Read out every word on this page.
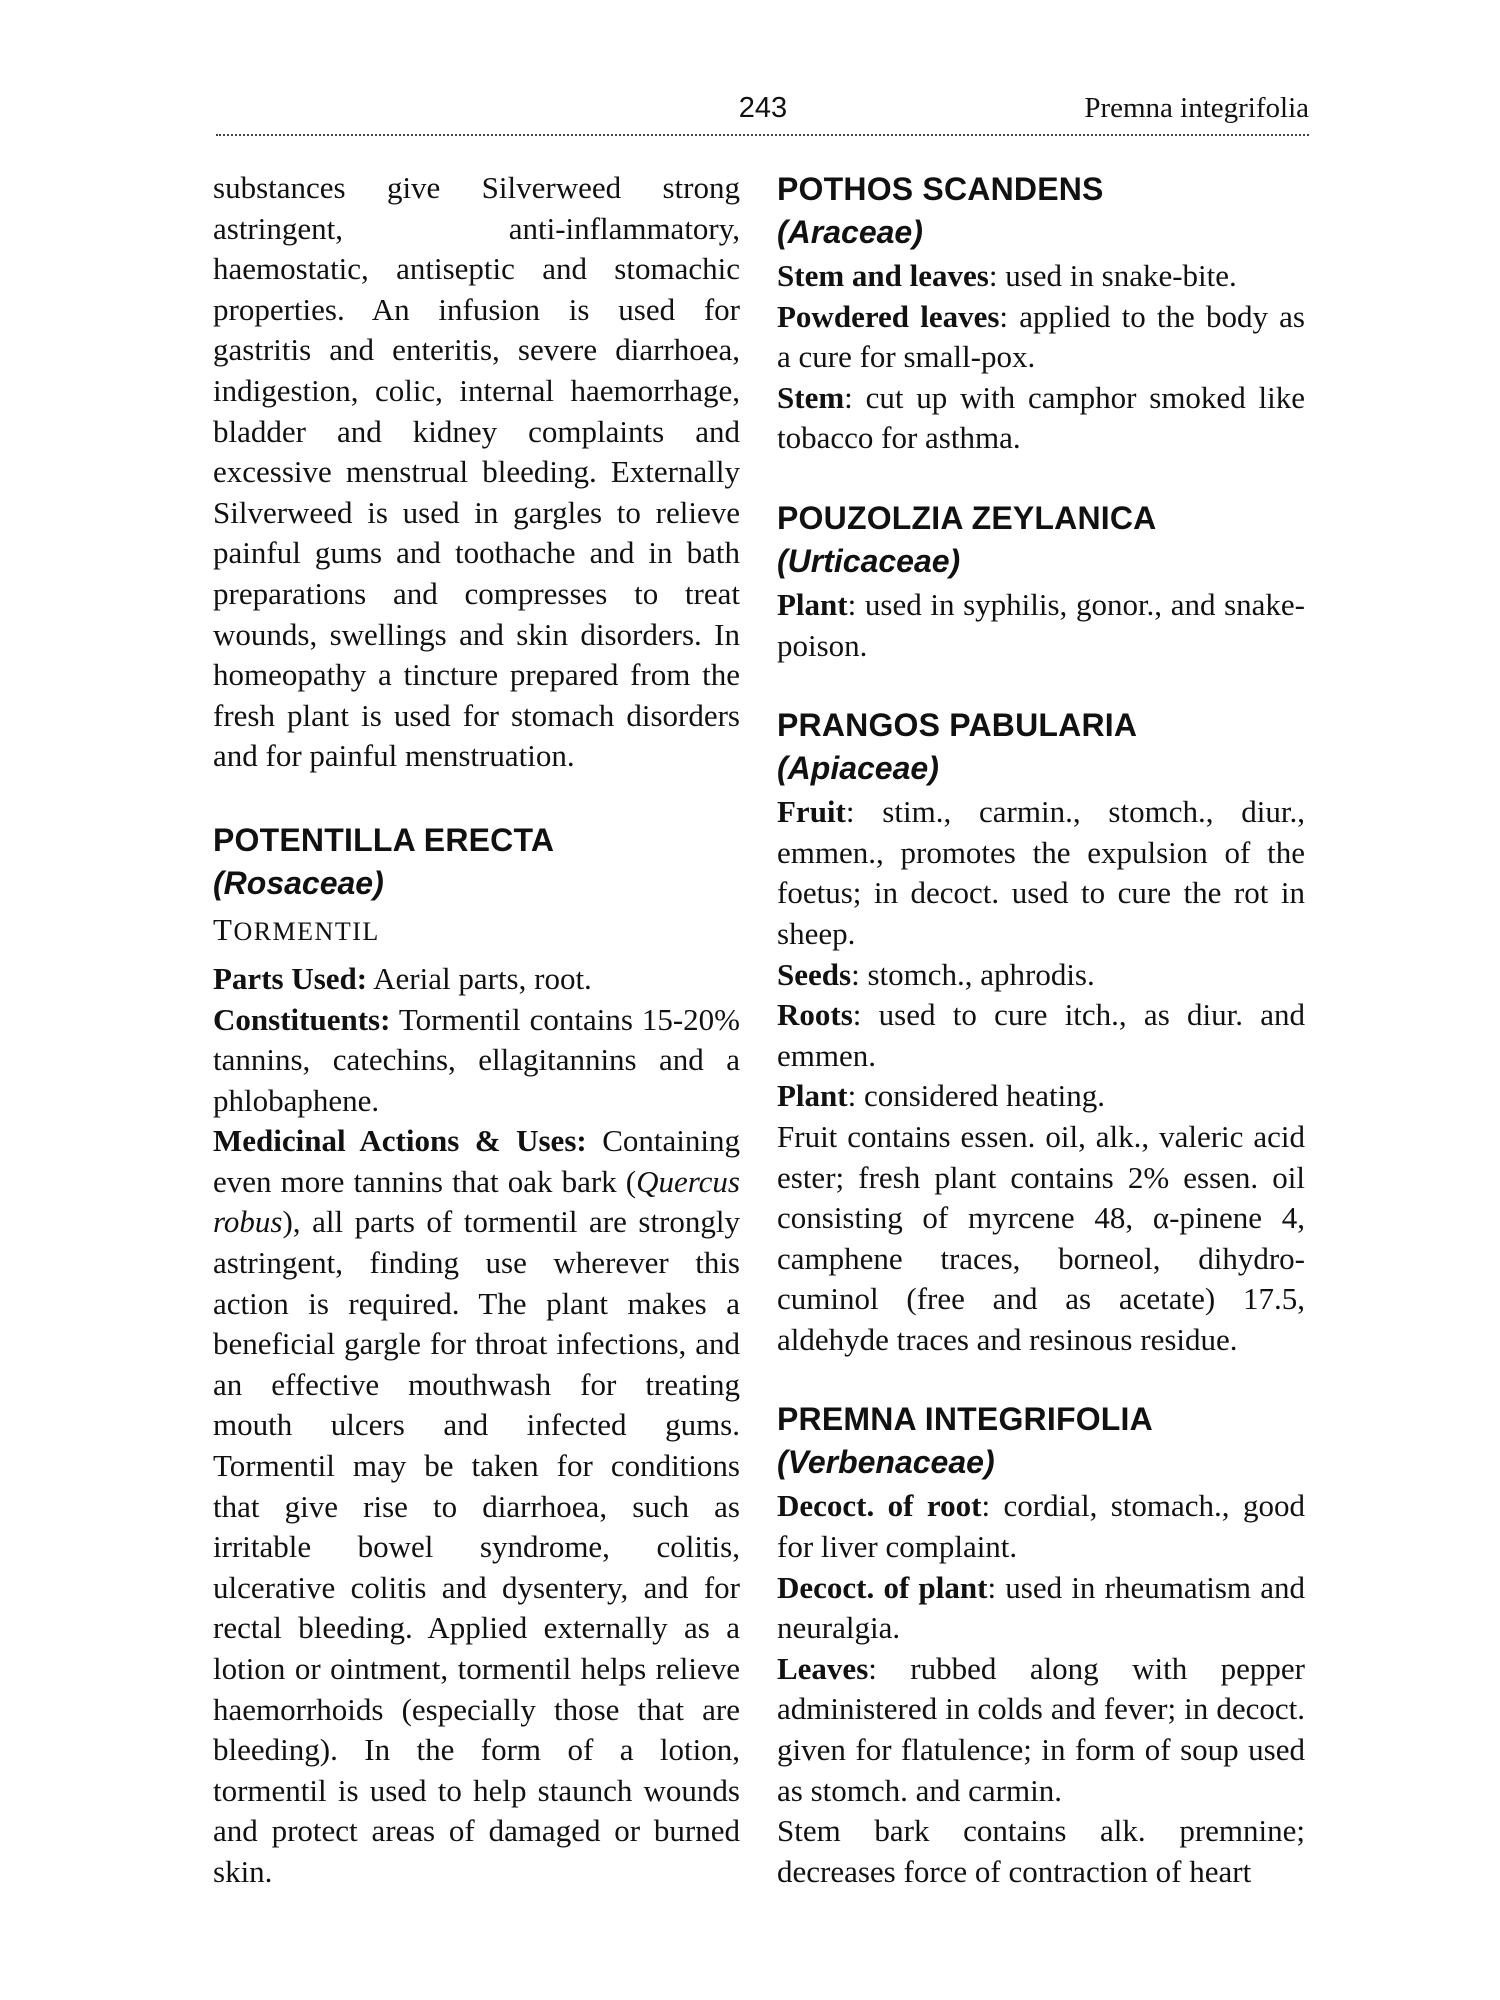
243	Premna integrifolia

substances give Silverweed strong astringent, anti-inflammatory, haemostatic, antiseptic and stomachic properties. An infusion is used for gastritis and enteritis, severe diarrhoea, indigestion, colic, internal haemorrhage, bladder and kidney complaints and excessive menstrual bleeding. Externally Silverweed is used in gargles to relieve painful gums and toothache and in bath preparations and compresses to treat wounds, swellings and skin disorders. In homeopathy a tincture prepared from the fresh plant is used for stomach disorders and for painful menstruation.

POTENTILLA ERECTA
(Rosaceae)
TORMENTIL

Parts Used: Aerial parts, root.

Constituents: Tormentil contains 15-20% tannins, catechins, ellagitannins and a phlobaphene.

Medicinal Actions & Uses: Containing even more tannins that oak bark (Quercus robus), all parts of tormentil are strongly astringent, finding use wherever this action is required. The plant makes a beneficial gargle for throat infections, and an effective mouthwash for treating mouth ulcers and infected gums. Tormentil may be taken for conditions that give rise to diarrhoea, such as irritable bowel syndrome, colitis, ulcerative colitis and dysentery, and for rectal bleeding. Applied externally as a lotion or ointment, tormentil helps relieve haemorrhoids (especially those that are bleeding). In the form of a lotion, tormentil is used to help staunch wounds and protect areas of damaged or burned skin.

POTHOS SCANDENS
(Araceae)

Stem and leaves: used in snake-bite.

Powdered leaves: applied to the body as a cure for small-pox.

Stem: cut up with camphor smoked like tobacco for asthma.

POUZOLZIA ZEYLANICA
(Urticaceae)

Plant: used in syphilis, gonor., and snake-poison.

PRANGOS PABULARIA
(Apiaceae)

Fruit: stim., carmin., stomch., diur., emmen., promotes the expulsion of the foetus; in decoct. used to cure the rot in sheep.

Seeds: stomch., aphrodis.

Roots: used to cure itch., as diur. and emmen.

Plant: considered heating.

Fruit contains essen. oil, alk., valeric acid ester; fresh plant contains 2% essen. oil consisting of myrcene 48, α-pinene 4, camphene traces, borneol, dihydro-cuminol (free and as acetate) 17.5, aldehyde traces and resinous residue.

PREMNA INTEGRIFOLIA
(Verbenaceae)

Decoct. of root: cordial, stomach., good for liver complaint.

Decoct. of plant: used in rheumatism and neuralgia.

Leaves: rubbed along with pepper administered in colds and fever; in decoct. given for flatulence; in form of soup used as stomch. and carmin.

Stem bark contains alk. premnine; decreases force of contraction of heart
